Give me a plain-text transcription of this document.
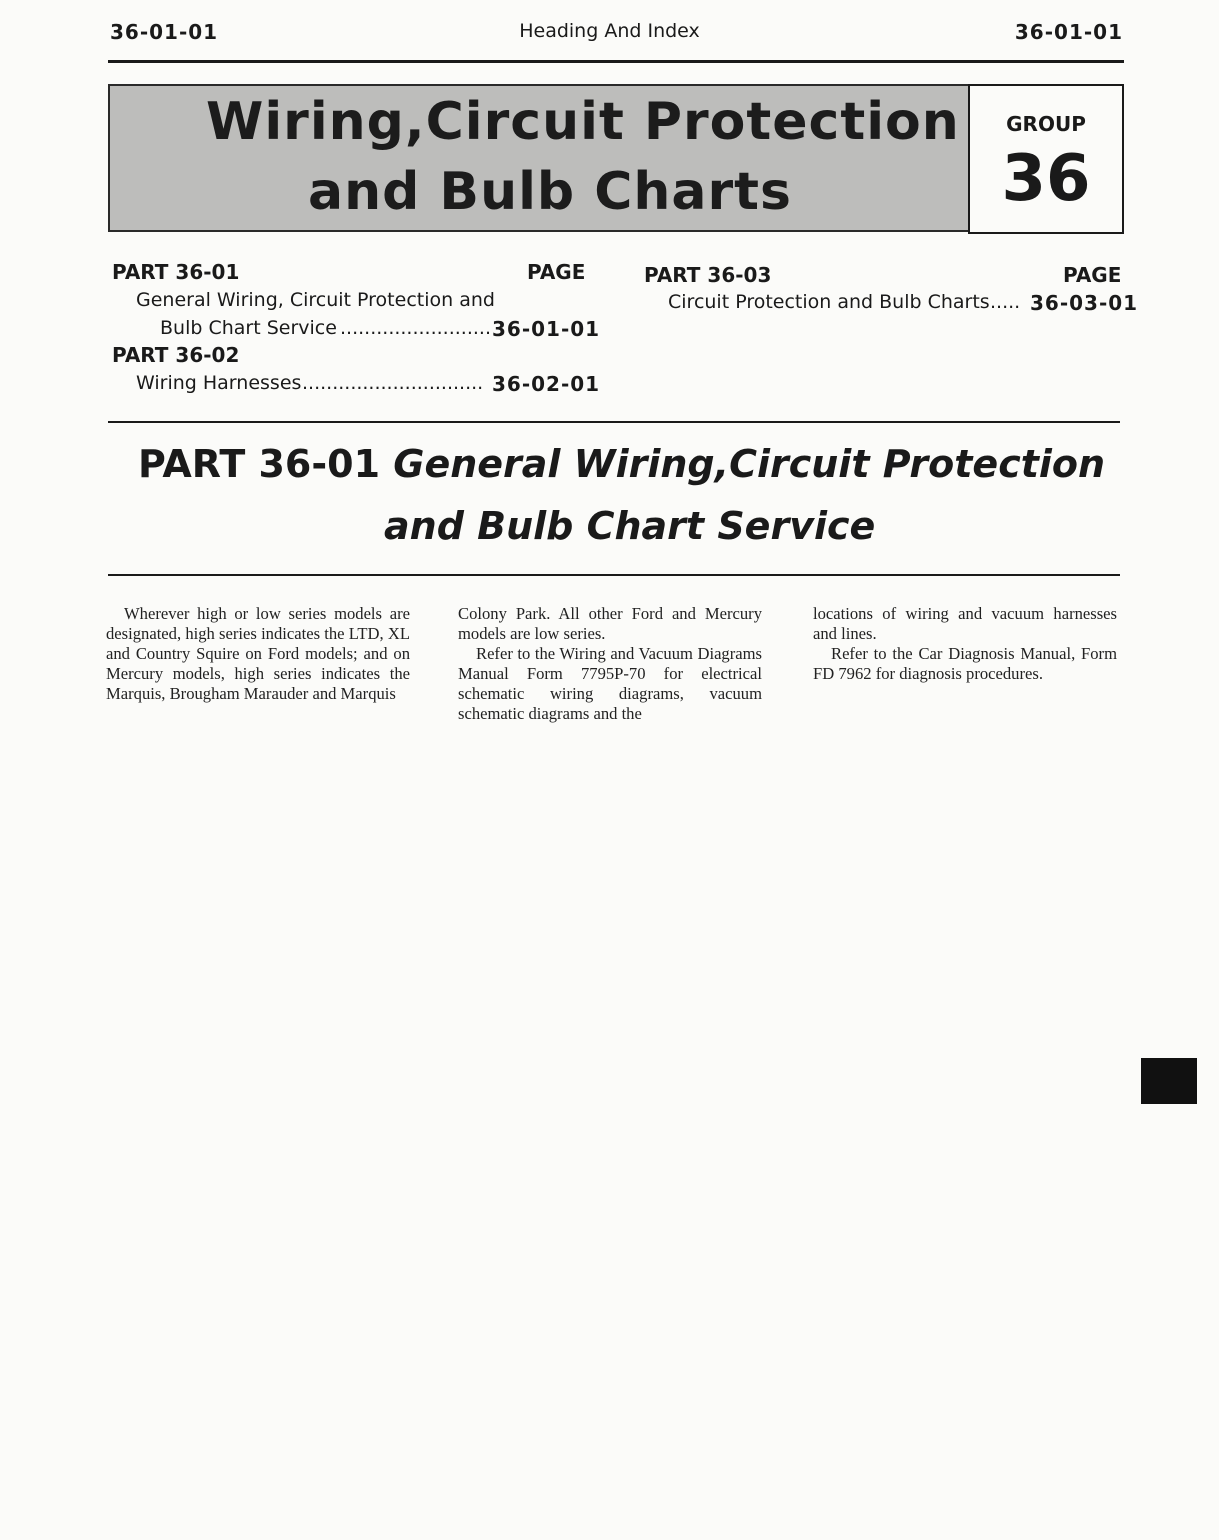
36-01-01	Heading And Index	36-01-01
Wiring,Circuit Protection
and Bulb Charts
GROUP
36
PART 36-01	PAGE
General Wiring, Circuit Protection and
Bulb Chart Service ......................... 36-01-01
PART 36-02
Wiring Harnesses .............................. 36-02-01
PART 36-03	PAGE
Circuit Protection and Bulb Charts ..... 36-03-01
PART 36-01 General Wiring,Circuit Protection
and Bulb Chart Service

Wherever high or low series models are designated, high series indicates the LTD, XL and Country Squire on Ford models; and on Mercury models, high series indicates the Marquis, Brougham Marauder and Marquis

Colony Park. All other Ford and Mercury models are low series.

Refer to the Wiring and Vacuum Diagrams Manual Form 7795P-70 for electrical schematic wiring diagrams, vacuum schematic diagrams and the

locations of wiring and vacuum harnesses and lines.

Refer to the Car Diagnosis Manual, Form FD 7962 for diagnosis procedures.
